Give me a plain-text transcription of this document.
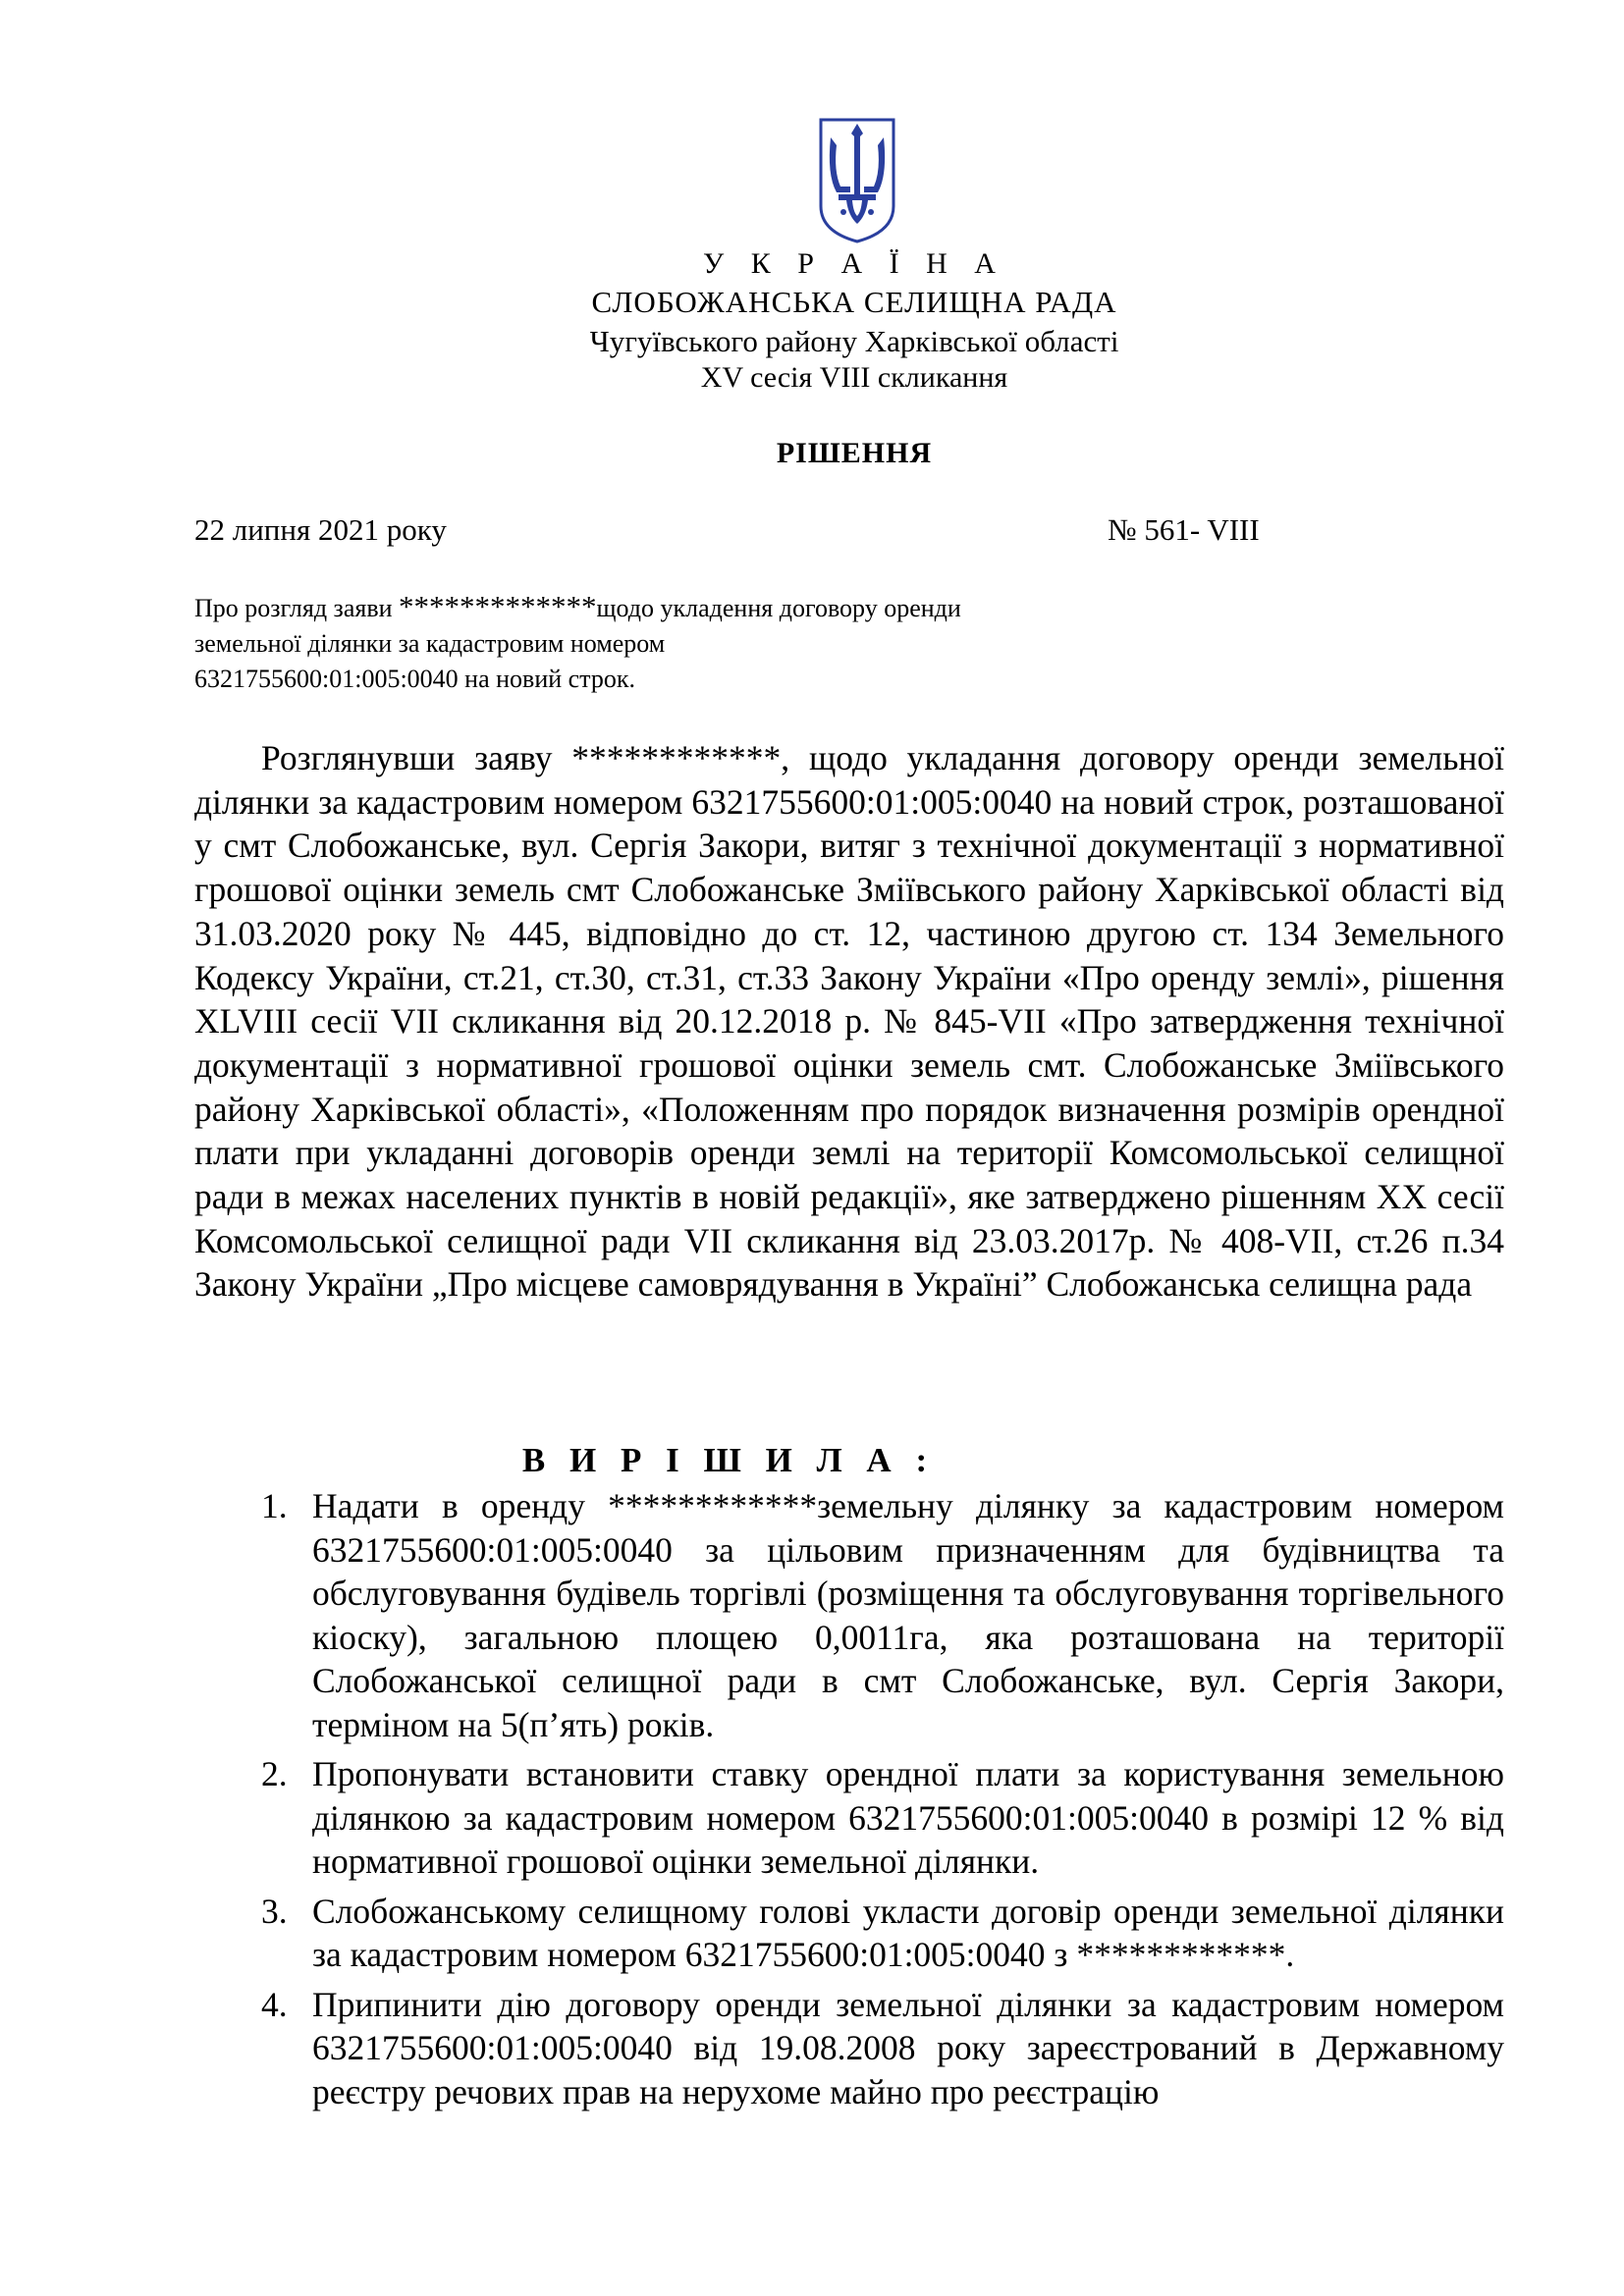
У К Р А Ї Н А
СЛОБОЖАНСЬКА СЕЛИЩНА РАДА
Чугуївського району Харківської області
XV сесія VIII скликання
РІШЕННЯ
22 липня 2021 року	№ 561- VIII
Про розгляд заяви *************щодо укладення договору оренди
земельної ділянки за кадастровим номером
6321755600:01:005:0040 на новий строк.
Розглянувши заяву ************, щодо укладання договору оренди земельної ділянки за кадастровим номером 6321755600:01:005:0040 на новий строк, розташованої у смт Слобожанське, вул. Сергія Закори, витяг з технічної документації з нормативної грошової оцінки земель смт Слобожанське Зміївського району Харківської області від 31.03.2020 року № 445, відповідно до ст. 12, частиною другою ст. 134 Земельного Кодексу України, ст.21, ст.30, ст.31, ст.33 Закону України «Про оренду землі», рішення XLVIII сесії VII скликання від 20.12.2018 р. № 845-VII «Про затвердження технічної документації з нормативної грошової оцінки земель смт. Слобожанське Зміївського району Харківської області», «Положенням про порядок визначення розмірів орендної плати при укладанні договорів оренди землі на території Комсомольської селищної ради в межах населених пунктів в новій редакції», яке затверджено рішенням XX сесії Комсомольської селищної ради VII скликання від 23.03.2017р. № 408-VII, ст.26 п.34 Закону України „Про місцеве самоврядування в Україні” Слобожанська селищна рада
В И Р І Ш И Л А :
1. Надати в оренду ************земельну ділянку за кадастровим номером 6321755600:01:005:0040 за цільовим призначенням для будівництва та обслуговування будівель торгівлі (розміщення та обслуговування торгівельного кіоску), загальною площею 0,0011га, яка розташована на території Слобожанської селищної ради в смт Слобожанське, вул. Сергія Закори, терміном на 5(п’ять) років.
2. Пропонувати встановити ставку орендної плати за користування земельною ділянкою за кадастровим номером 6321755600:01:005:0040 в розмірі 12 % від нормативної грошової оцінки земельної ділянки.
3. Слобожанському селищному голові укласти договір оренди земельної ділянки за кадастровим номером 6321755600:01:005:0040 з ************.
4. Припинити дію договору оренди земельної ділянки за кадастровим номером 6321755600:01:005:0040 від 19.08.2008 року зареєстрований в Державному реєстру речових прав на нерухоме майно про реєстрацію
